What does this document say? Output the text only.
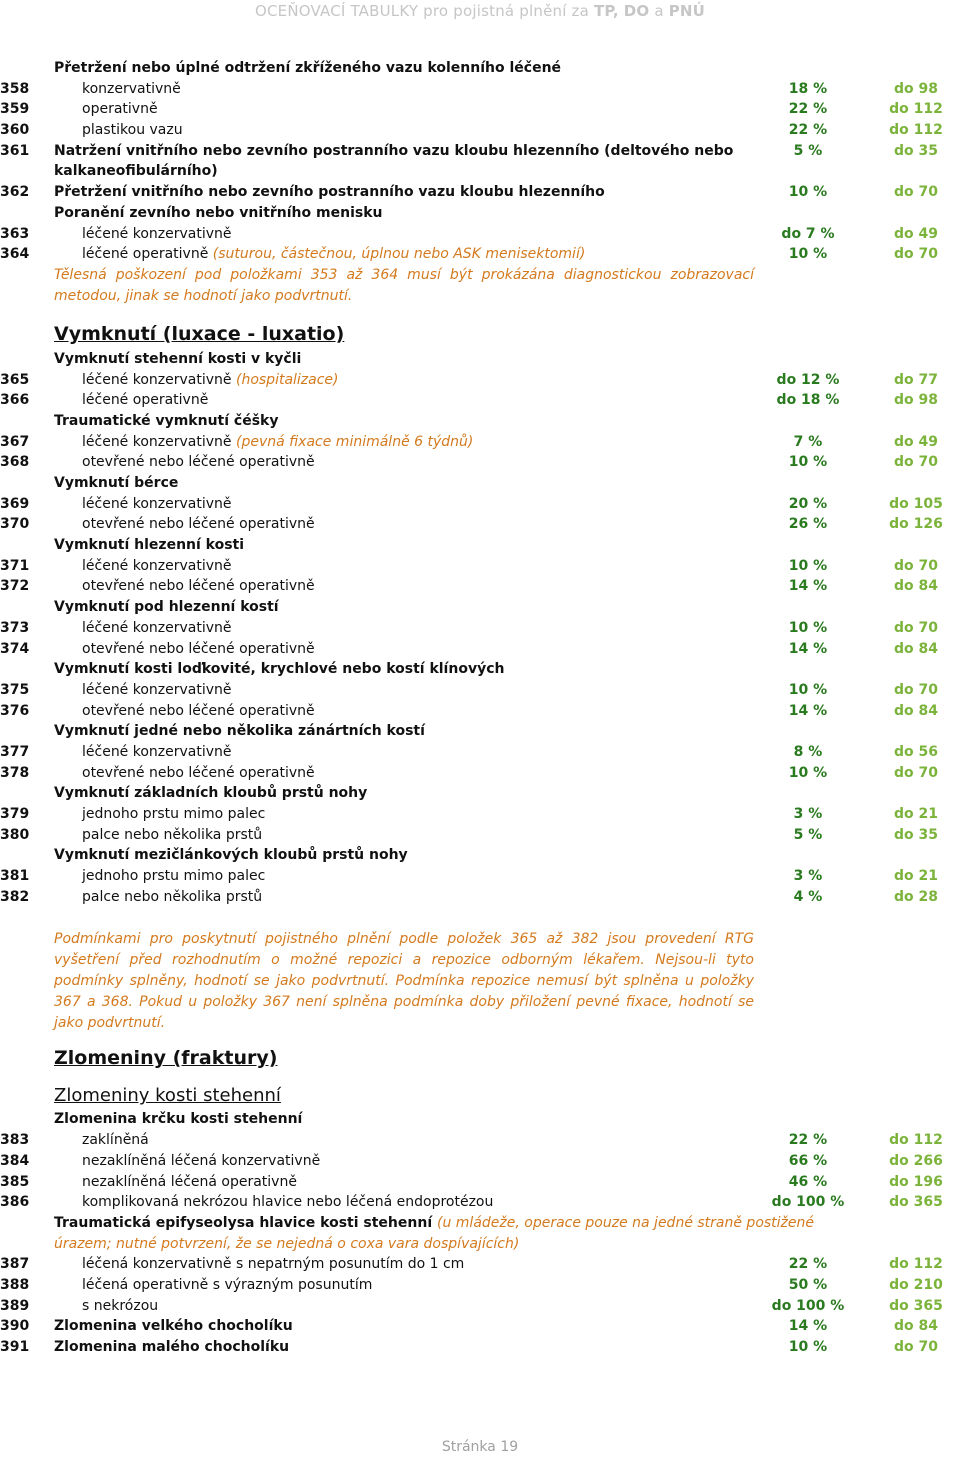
OCEŇOVACÍ TABULKY pro pojistná plnění za TP, DO a PNÚ
Přetržení nebo úplné odtržení zkříženého vazu kolenního léčené
358	konzervativně	18 %	do 98
359	operativně	22 %	do 112
360	plastikou vazu	22 %	do 112
361	Natržení vnitřního nebo zevního postranního vazu kloubu hlezenního (deltového nebo	5 %	do 35
kalkaneofibulárního)
362	Přetržení vnitřního nebo zevního postranního vazu kloubu hlezenního	10 %	do 70
Poranění zevního nebo vnitřního menisku
363	léčené konzervativně	do 7 %	do 49
364	léčené operativně (suturou, částečnou, úplnou nebo ASK menisektomií)	10 %	do 70
Tělesná poškození pod položkami 353 až 364 musí být prokázána diagnostickou zobrazovací metodou, jinak se hodnotí jako podvrtnutí.
Vymknutí (luxace - luxatio)
Vymknutí stehenní kosti v kyčli
365	léčené konzervativně (hospitalizace)	do 12 %	do 77
366	léčené operativně	do 18 %	do 98
Traumatické vymknutí čéšky
367	léčené konzervativně (pevná fixace minimálně 6 týdnů)	7 %	do 49
368	otevřené nebo léčené operativně	10 %	do 70
Vymknutí bérce
369	léčené konzervativně	20 %	do 105
370	otevřené nebo léčené operativně	26 %	do 126
Vymknutí hlezenní kosti
371	léčené konzervativně	10 %	do 70
372	otevřené nebo léčené operativně	14 %	do 84
Vymknutí pod hlezenní kostí
373	léčené konzervativně	10 %	do 70
374	otevřené nebo léčené operativně	14 %	do 84
Vymknutí kosti loďkovité, krychlové nebo kostí klínových
375	léčené konzervativně	10 %	do 70
376	otevřené nebo léčené operativně	14 %	do 84
Vymknutí jedné nebo několika zánártních kostí
377	léčené konzervativně	8 %	do 56
378	otevřené nebo léčené operativně	10 %	do 70
Vymknutí základních kloubů prstů nohy
379	jednoho prstu mimo palec	3 %	do 21
380	palce nebo několika prstů	5 %	do 35
Vymknutí mezičlánkových kloubů prstů nohy
381	jednoho prstu mimo palec	3 %	do 21
382	palce nebo několika prstů	4 %	do 28
Podmínkami pro poskytnutí pojistného plnění podle položek 365 až 382 jsou provedení RTG vyšetření před rozhodnutím o možné repozici a repozice odborným lékařem. Nejsou-li tyto podmínky splněny, hodnotí se jako podvrtnutí. Podmínka repozice nemusí být splněna u položky 367 a 368. Pokud u položky 367 není splněna podmínka doby přiložení pevné fixace, hodnotí se jako podvrtnutí.
Zlomeniny (fraktury)
Zlomeniny kosti stehenní
Zlomenina krčku kosti stehenní
383	zaklíněná	22 %	do 112
384	nezaklíněná léčená konzervativně	66 %	do 266
385	nezaklíněná léčená operativně	46 %	do 196
386	komplikovaná nekrózou hlavice nebo léčená endoprotézou	do 100 %	do 365
Traumatická epifyseolysa hlavice kosti stehenní (u mládeže, operace pouze na jedné straně postižené
úrazem; nutné potvrzení, že se nejedná o coxa vara dospívajících)
387	léčená konzervativně s nepatrným posunutím do 1 cm	22 %	do 112
388	léčená operativně s výrazným posunutím	50 %	do 210
389	s nekrózou	do 100 %	do 365
390	Zlomenina velkého chocholíku	14 %	do 84
391	Zlomenina malého chocholíku	10 %	do 70
Stránka 19
